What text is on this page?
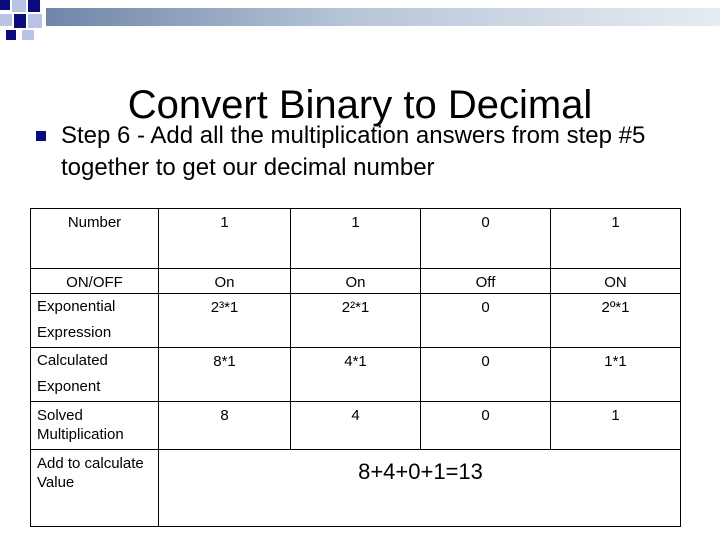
Convert Binary to Decimal
Step 6 - Add all the multiplication answers from step #5 together to get our decimal number
Number	1	1	0	1
ON/OFF	On	On	Off	ON
Exponential Expression	2³*1	2²*1	0	2º*1
Calculated Exponent	8*1	4*1	0	1*1
Solved Multiplication	8	4	0	1
Add to calculate Value	8+4+0+1=13			
